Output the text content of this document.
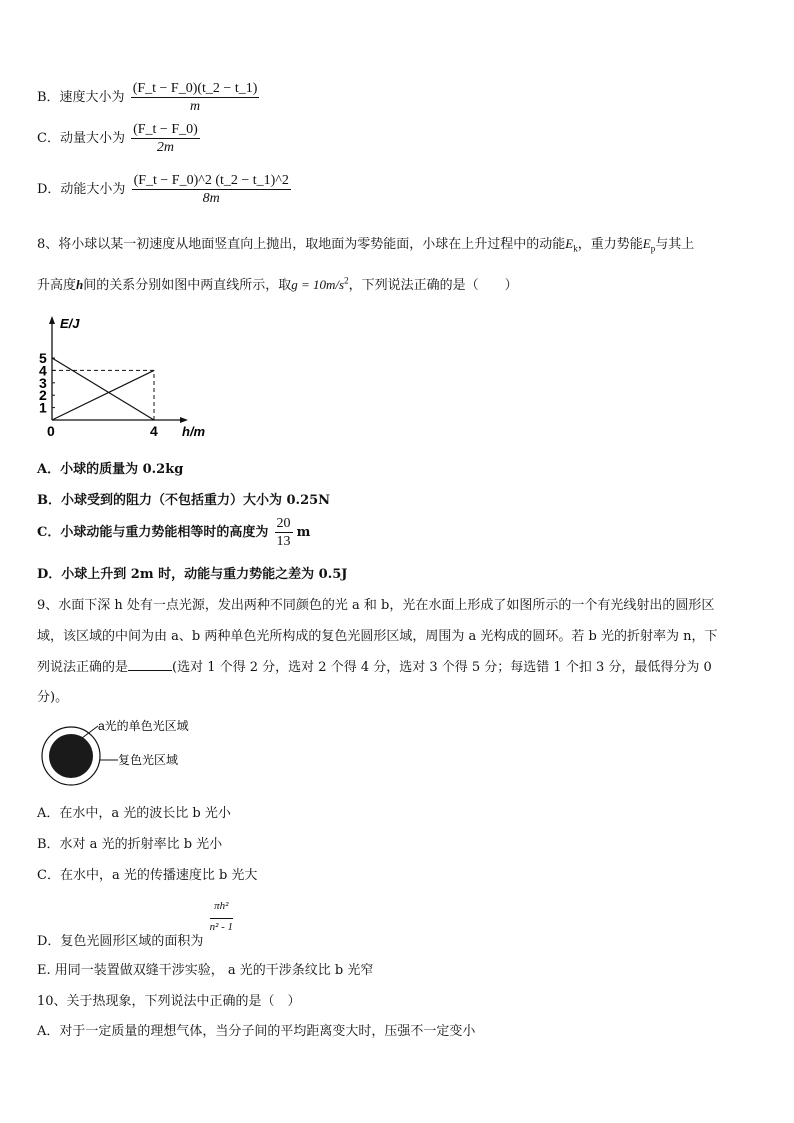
B．速度大小为 $\frac{(F\_t - F\_0)(t\_2 - t\_1)}{m}$
C．动量大小为 $\frac{(F\_t - F\_0)}{2m}$
D．动能大小为 $\frac{(F\_t - F\_0)\^{}2 (t\_2 - t\_1)\^{}2}{8m}$
8、将小球以某一初速度从地面竖直向上抛出，取地面为零势能面，小球在上升过程中的动能$E_k$，重力势能$E_p$与其上
升高度h间的关系分别如图中两直线所示，取$g = 10m/s^2$，下列说法正确的是（　　）
E/J
h/m
1
2
3
4
5
0	4
A．小球的质量为 0.2kg
B．小球受到的阻力（不包括重力）大小为 0.25N
C．小球动能与重力势能相等时的高度为 $\frac{20}{13}$ m
D．小球上升到 2m 时，动能与重力势能之差为 0.5J
9、水面下深 h 处有一点光源，发出两种不同颜色的光 a 和 b，光在水面上形成了如图所示的一个有光线射出的圆形区
域，该区域的中间为由 a、b 两种单色光所构成的复色光圆形区域，周围为 a 光构成的圆环。若 b 光的折射率为 n，下
列说法正确的是	(选对 1 个得 2 分，选对 2 个得 4 分，选对 3 个得 5 分；每选错 1 个扣 3 分，最低得分为 0
分)。
a光的单色光区域
复色光区域
A．在水中，a 光的波长比 b 光小
B．水对 a 光的折射率比 b 光小
C．在水中，a 光的传播速度比 b 光大
D．复色光圆形区域的面积为
$\frac{\text{πh²}}{\text{n² - 1}}$
E. 用同一装置做双缝干涉实验， a 光的干涉条纹比 b 光窄
10、关于热现象，下列说法中正确的是（　）
A．对于一定质量的理想气体，当分子间的平均距离变大时，压强不一定变小
